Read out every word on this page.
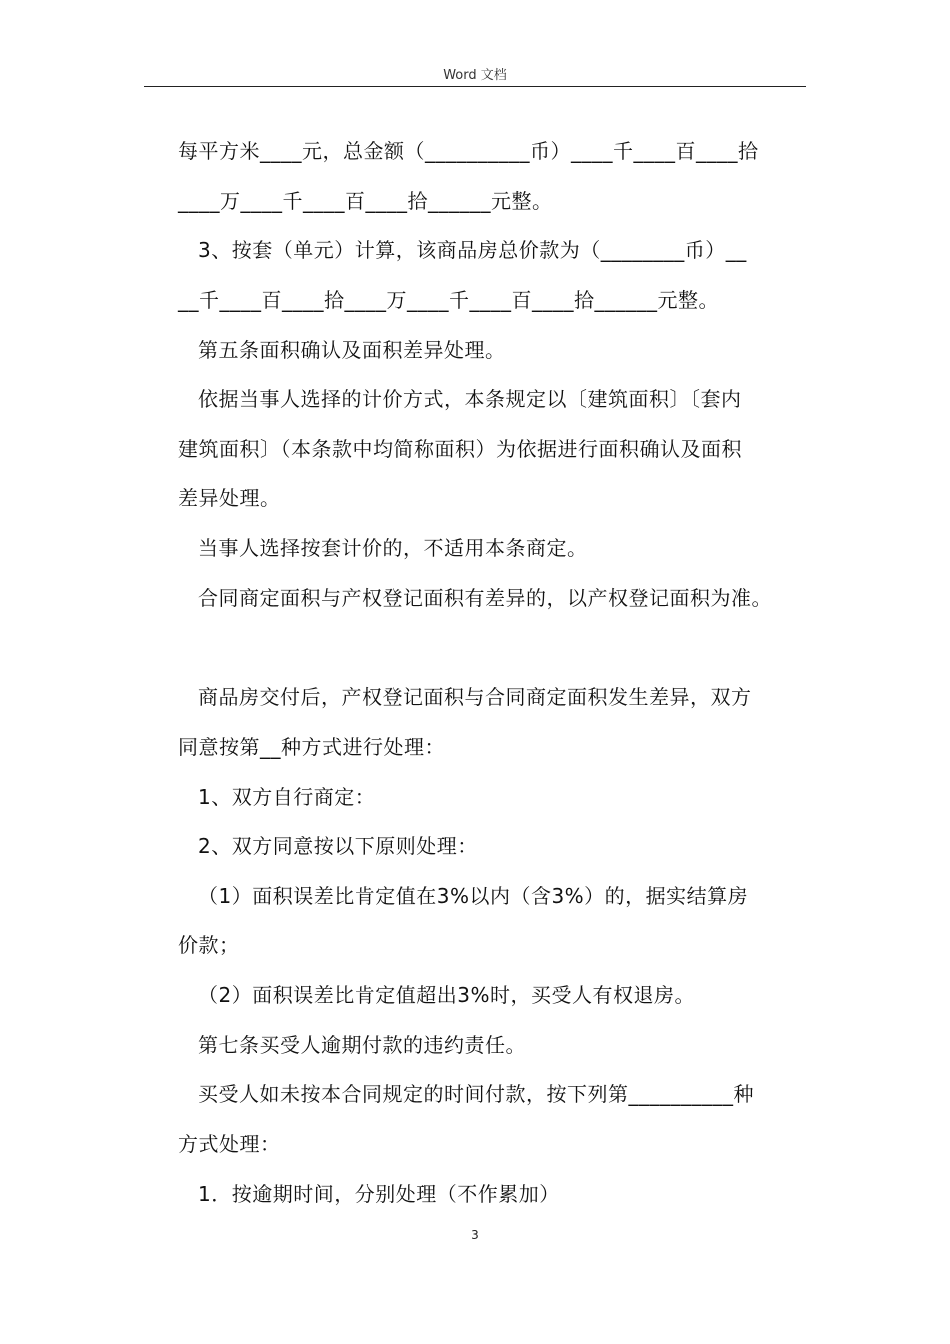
Word 文档
每平方米____元，总金额（__________币）____千____百____拾
____万____千____百____拾______元整。
3、按套（单元）计算，该商品房总价款为（________币）__
__千____百____拾____万____千____百____拾______元整。
第五条面积确认及面积差异处理。
依据当事人选择的计价方式，本条规定以〔建筑面积〕〔套内
建筑面积〕（本条款中均简称面积）为依据进行面积确认及面积
差异处理。
当事人选择按套计价的，不适用本条商定。
合同商定面积与产权登记面积有差异的，以产权登记面积为准。
商品房交付后，产权登记面积与合同商定面积发生差异，双方
同意按第__种方式进行处理：
1、双方自行商定：
2、双方同意按以下原则处理：
（1）面积误差比肯定值在3%以内（含3%）的，据实结算房
价款；
（2）面积误差比肯定值超出3%时，买受人有权退房。
第七条买受人逾期付款的违约责任。
买受人如未按本合同规定的时间付款，按下列第__________种
方式处理：
1．按逾期时间，分别处理（不作累加）
3
